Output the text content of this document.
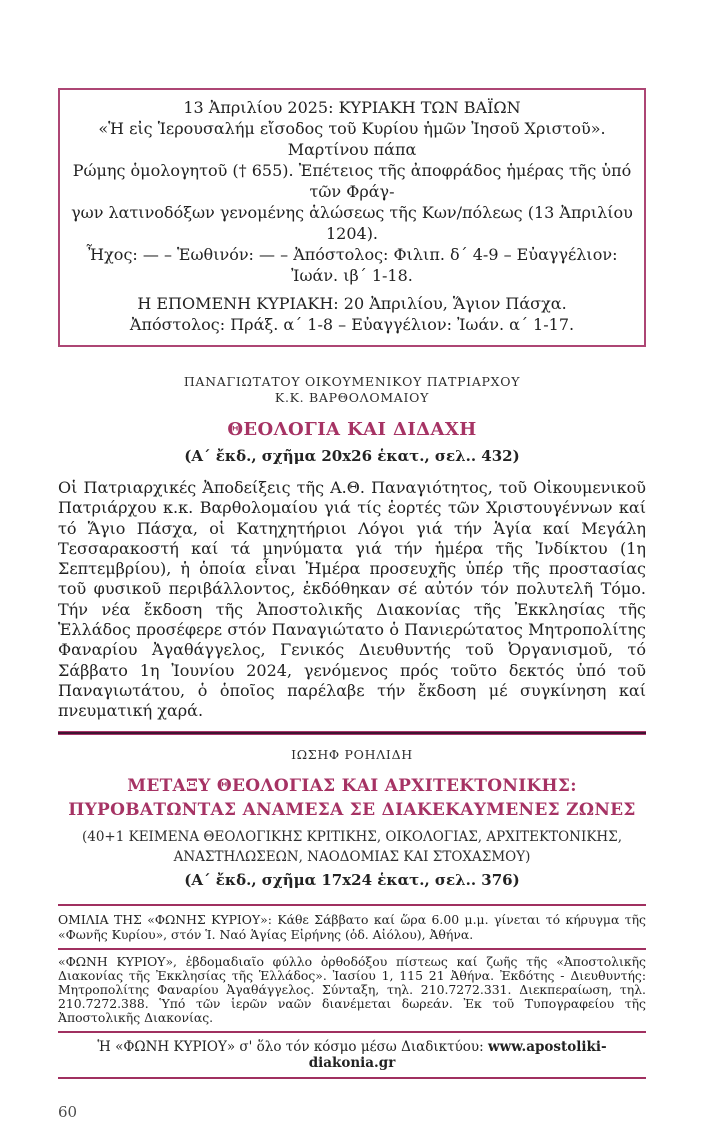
13 Ἀπριλίου 2025: ΚΥΡΙΑΚΗ ΤΩΝ ΒΑΪΩΝ
«Ἡ εἰς Ἱερουσαλήμ εἴσοδος τοῦ Κυρίου ἡμῶν Ἰησοῦ Χριστοῦ». Μαρτίνου πάπα
Ρώμης ὁμολογητοῦ († 655). Ἐπέτειος τῆς ἀποφράδος ἡμέρας τῆς ὑπό τῶν Φράγ-
γων λατινοδόξων γενομένης ἁλώσεως τῆς Κων/πόλεως (13 Ἀπριλίου 1204).
Ἦχος: — – Ἑωθινόν: — – Ἀπόστολος: Φιλιπ. δ΄ 4-9 – Εὐαγγέλιον: Ἰωάν. ιβ΄ 1-18.
Η ΕΠΟΜΕΝΗ ΚΥΡΙΑΚΗ: 20 Ἀπριλίου, Ἅγιον Πάσχα.
Ἀπόστολος: Πράξ. α΄ 1-8 – Εὐαγγέλιον: Ἰωάν. α΄ 1-17.
ΠΑΝΑΓΙΩΤΑΤΟΥ ΟΙΚΟΥΜΕΝΙΚΟΥ ΠΑΤΡΙΑΡΧΟΥ
Κ.Κ. ΒΑΡΘΟΛΟΜΑΙΟΥ
ΘΕΟΛΟΓΙΑ ΚΑΙ ΔΙΔΑΧΗ
(Α΄ ἔκδ., σχῆμα 20x26 ἑκατ., σελ.. 432)

Οἱ Πατριαρχικές Ἀποδείξεις τῆς Α.Θ. Παναγιότητος, τοῦ Οἰκουμενικοῦ Πατριάρχου κ.κ. Βαρθολομαίου γιά τίς ἑορτές τῶν Χριστουγέννων καί τό Ἅγιο Πάσχα, οἱ Κατηχητήριοι Λόγοι γιά τήν Ἁγία καί Μεγάλη Τεσσαρακοστή καί τά μηνύματα γιά τήν ἡμέρα τῆς Ἰνδίκτου (1η Σεπτεμβρίου), ἡ ὁποία εἶναι Ἡμέρα προσευχῆς ὑπέρ τῆς προστασίας τοῦ φυσικοῦ περιβάλλοντος, ἐκδόθηκαν σέ αὐτόν τόν πολυτελῆ Τόμο. Τήν νέα ἔκδοση τῆς Ἀποστολικῆς Διακονίας τῆς Ἐκκλησίας τῆς Ἑλλάδος προσέφερε στόν Παναγιώτατο ὁ Πανιερώτατος Μητροπολίτης Φαναρίου Ἀγαθάγγελος, Γενικός Διευθυντής τοῦ Ὀργανισμοῦ, τό Σάββατο 1η Ἰουνίου 2024, γενόμενος πρός τοῦτο δεκτός ὑπό τοῦ Παναγιωτάτου, ὁ ὁποῖος παρέλαβε τήν ἔκδοση μέ συγκίνηση καί πνευματική χαρά.

ΙΩΣΗΦ ΡΟΗΛΙΔΗ
ΜΕΤΑΞΥ ΘΕΟΛΟΓΙΑΣ ΚΑΙ ΑΡΧΙΤΕΚΤΟΝΙΚΗΣ:
ΠΥΡΟΒΑΤΩΝΤΑΣ ΑΝΑΜΕΣΑ ΣΕ ΔΙΑΚΕΚΑΥΜΕΝΕΣ ΖΩΝΕΣ
(40+1 ΚΕΙΜΕΝΑ ΘΕΟΛΟΓΙΚΗΣ ΚΡΙΤΙΚΗΣ, ΟΙΚΟΛΟΓΙΑΣ, ΑΡΧΙΤΕΚΤΟΝΙΚΗΣ,
ΑΝΑΣΤΗΛΩΣΕΩΝ, ΝΑΟΔΟΜΙΑΣ ΚΑΙ ΣΤΟΧΑΣΜΟΥ)
(Α΄ ἔκδ., σχῆμα 17x24 ἑκατ., σελ.. 376)

ΟΜΙΛΙΑ ΤΗΣ «ΦΩΝΗΣ ΚΥΡΙΟΥ»: Κάθε Σάββατο καί ὥρα 6.00 μ.μ. γίνεται τό κήρυγμα τῆς «Φωνῆς Κυρίου», στόν Ἱ. Ναό Ἁγίας Εἰρήνης (ὁδ. Αἰόλου), Ἀθήνα.

«ΦΩΝΗ ΚΥΡΙΟΥ», ἑβδομαδιαῖο φύλλο ὀρθοδόξου πίστεως καί ζωῆς τῆς «Ἀποστολικῆς Διακονίας τῆς Ἐκκλησίας τῆς Ἑλλάδος». Ἰασίου 1, 115 21 Ἀθήνα. Ἐκδότης - Διευθυντής: Μητροπολίτης Φαναρίου Ἀγαθάγγελος. Σύνταξη, τηλ. 210.7272.331. Διεκπεραίωση, τηλ. 210.7272.388. Ὑπό τῶν ἱερῶν ναῶν διανέμεται δωρεάν. Ἐκ τοῦ Τυπογραφείου τῆς Ἀποστολικῆς Διακονίας.

Ἡ «ΦΩΝΗ ΚΥΡΙΟΥ» σ' ὅλο τόν κόσμο μέσω Διαδικτύου: www.apostoliki-diakonia.gr
60
